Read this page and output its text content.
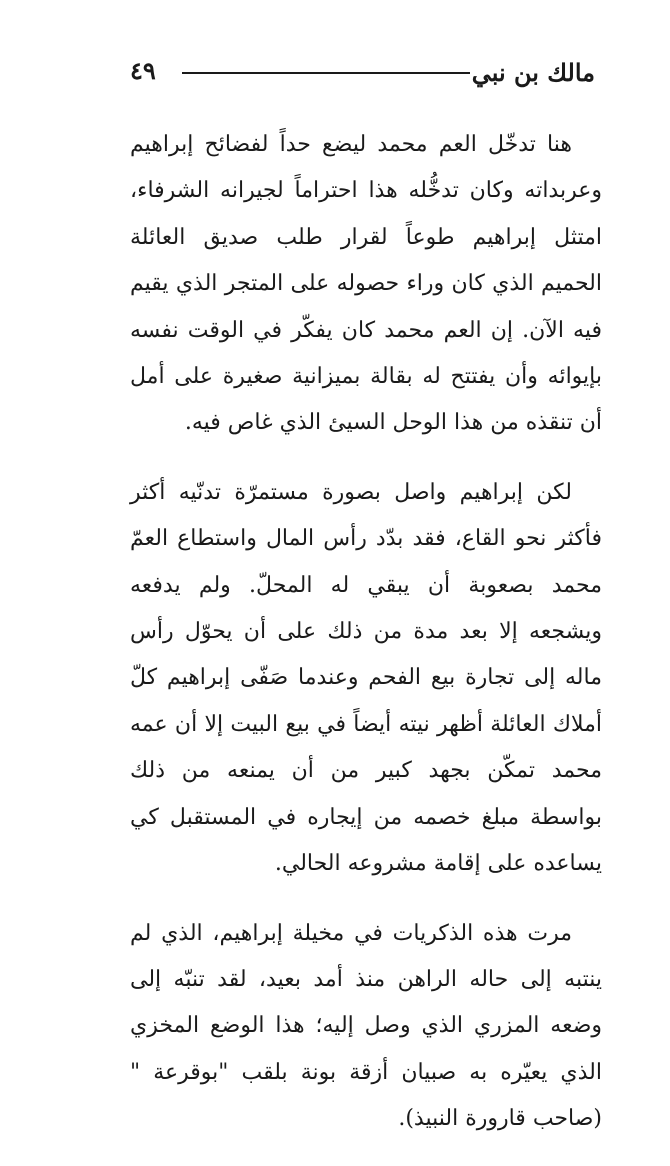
٤٩	مالك بن نبي

هنا تدخّل العم محمد ليضع حداً لفضائح إبراهيم وعربداته وكان تدخُّله هذا احتراماً لجيرانه الشرفاء، امتثل إبراهيم طوعاً لقرار طلب صديق العائلة الحميم الذي كان وراء حصوله على المتجر الذي يقيم فيه الآن. إن العم محمد كان يفكّر في الوقت نفسه بإيوائه وأن يفتتح له بقالة بميزانية صغيرة على أمل أن تنقذه من هذا الوحل السيئ الذي غاص فيه.

لكن إبراهيم واصل بصورة مستمرّة تدنّيه أكثر فأكثر نحو القاع، فقد بدّد رأس المال واستطاع العمّ محمد بصعوبة أن يبقي له المحلّ. ولم يدفعه ويشجعه إلا بعد مدة من ذلك على أن يحوّل رأس ماله إلى تجارة بيع الفحم وعندما صَفّى إبراهيم كلّ أملاك العائلة أظهر نيته أيضاً في بيع البيت إلا أن عمه محمد تمكّن بجهد كبير من أن يمنعه من ذلك بواسطة مبلغ خصمه من إيجاره في المستقبل كي يساعده على إقامة مشروعه الحالي.

مرت هذه الذكريات في مخيلة إبراهيم، الذي لم ينتبه إلى حاله الراهن منذ أمد بعيد، لقد تنبّه إلى وضعه المزري الذي وصل إليه؛ هذا الوضع المخزي الذي يعيّره به صبيان أزقة بونة بلقب "بوقرعة " (صاحب قارورة النبيذ).
